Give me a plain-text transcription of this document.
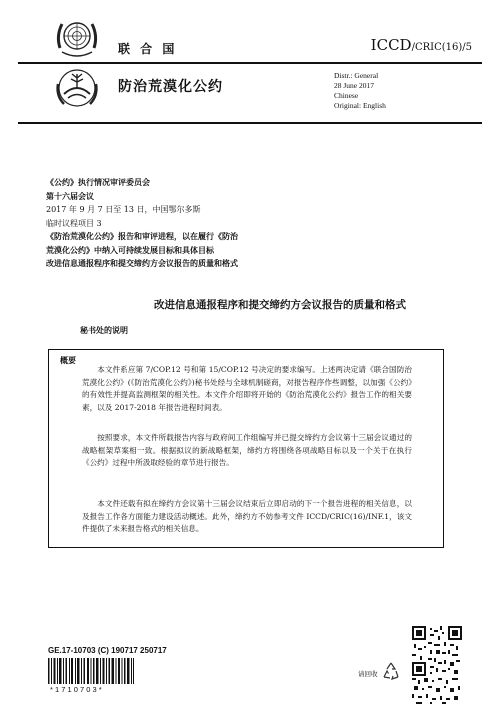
联 合 国	ICCD/CRIC(16)/5
防治荒漠化公约
Distr.: General
28 June 2017
Chinese
Original: English
《公约》执行情况审评委员会
第十六届会议
2017 年 9 月 7 日至 13 日，中国鄂尔多斯
临时议程项目 3
《防治荒漠化公约》报告和审评进程，以在履行《防治
荒漠化公约》中纳入可持续发展目标和具体目标
改进信息通报程序和提交缔约方会议报告的质量和格式
改进信息通报程序和提交缔约方会议报告的质量和格式
秘书处的说明
概要
本文件系应第 7/COP.12 号和第 15/COP.12 号决定的要求编写。上述两决定请《联合国防治荒漠化公约》(《防治荒漠化公约》)秘书处经与全球机制磋商，对报告程序作些调整，以加强《公约》的有效性并提高监测框架的相关性。本文件介绍即将开始的《防治荒漠化公约》报告工作的相关要素，以及 2017-2018 年报告进程时间表。
按照要求，本文件所载报告内容与政府间工作组编写并已提交缔约方会议第十三届会议通过的战略框架草案相一致。根据拟议的新战略框架，缔约方将围绕各项战略目标以及一个关于在执行《公约》过程中所汲取经验的章节进行报告。
本文件还载有拟在缔约方会议第十三届会议结束后立即启动的下一个报告进程的相关信息，以及报告工作各方面能力建设活动概述。此外，缔约方不妨参考文件 ICCD/CRIC(16)/INF.1，该文件提供了未来报告格式的相关信息。
GE.17-10703 (C) 190717 250717
* 1 7 1 0 7 0 3 *
请回收
